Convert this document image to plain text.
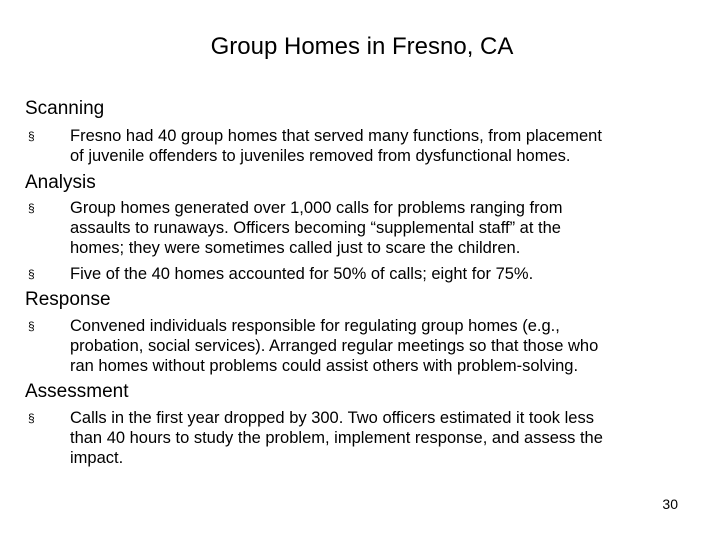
Group Homes in Fresno, CA
Scanning
§ Fresno had 40 group homes that served many functions, from placement
of juvenile offenders to juveniles removed from dysfunctional homes.
Analysis
§ Group homes generated over 1,000 calls for problems ranging from
assaults to runaways. Officers becoming “supplemental staff” at the
homes; they were sometimes called just to scare the children.
§ Five of the 40 homes accounted for 50% of calls; eight for 75%.
Response
§ Convened individuals responsible for regulating group homes (e.g.,
probation, social services). Arranged regular meetings so that those who
ran homes without problems could assist others with problem-solving.
Assessment
§ Calls in the first year dropped by 300. Two officers estimated it took less
than 40 hours to study the problem, implement response, and assess the
impact.
30
